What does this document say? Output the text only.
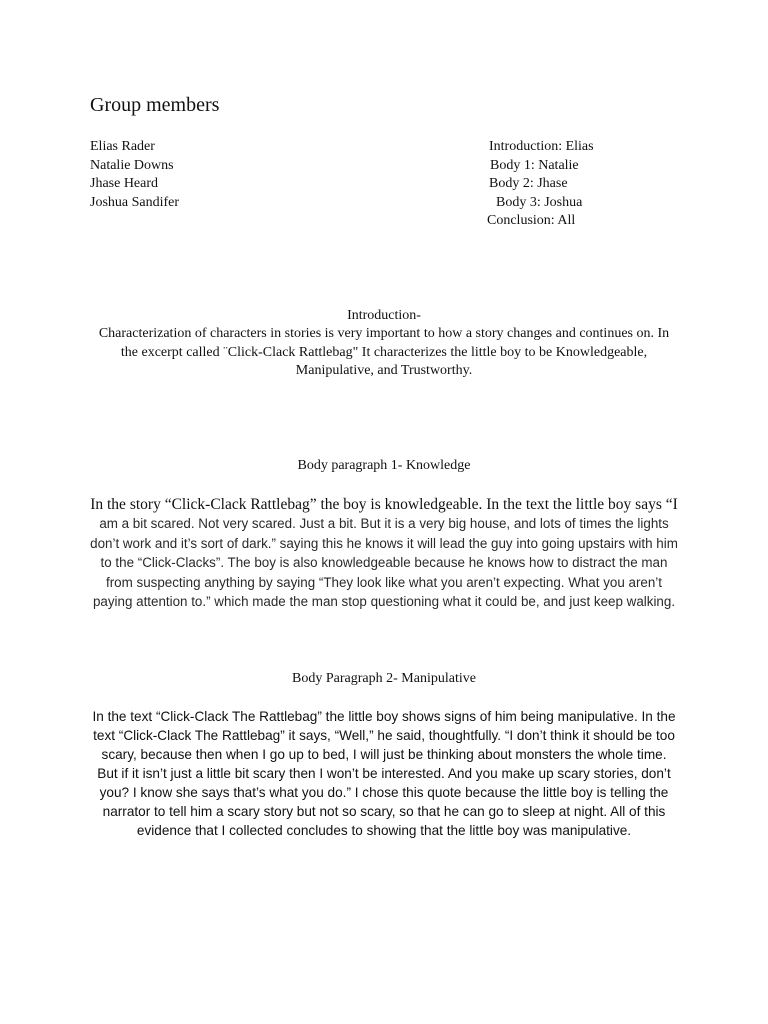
Group members
Elias Rader
Natalie Downs
Jhase Heard
Joshua Sandifer
Introduction: Elias
Body 1: Natalie
Body 2: Jhase
Body 3: Joshua
Conclusion: All
Introduction-
Characterization of characters in stories is very important to how a story changes and continues on. In the excerpt called ¨Click-Clack Rattlebag" It characterizes the little boy to be Knowledgeable, Manipulative, and Trustworthy.
Body paragraph 1- Knowledge
In the story “Click-Clack Rattlebag” the boy is knowledgeable. In the text the little boy says “I am a bit scared. Not very scared. Just a bit. But it is a very big house, and lots of times the lights don’t work and it’s sort of dark.” saying this he knows it will lead the guy into going upstairs with him to the “Click-Clacks”. The boy is also knowledgeable because he knows how to distract the man from suspecting anything by saying “They look like what you aren’t expecting. What you aren’t paying attention to.” which made the man stop questioning what it could be, and just keep walking.
Body Paragraph 2- Manipulative
In the text “Click-Clack The Rattlebag” the little boy shows signs of him being manipulative. In the text “Click-Clack The Rattlebag” it says, “Well,” he said, thoughtfully. “I don’t think it should be too scary, because then when I go up to bed, I will just be thinking about monsters the whole time. But if it isn’t just a little bit scary then I won’t be interested. And you make up scary stories, don’t you? I know she says that’s what you do.” I chose this quote because the little boy is telling the narrator to tell him a scary story but not so scary, so that he can go to sleep at night. All of this evidence that I collected concludes to showing that the little boy was manipulative.
